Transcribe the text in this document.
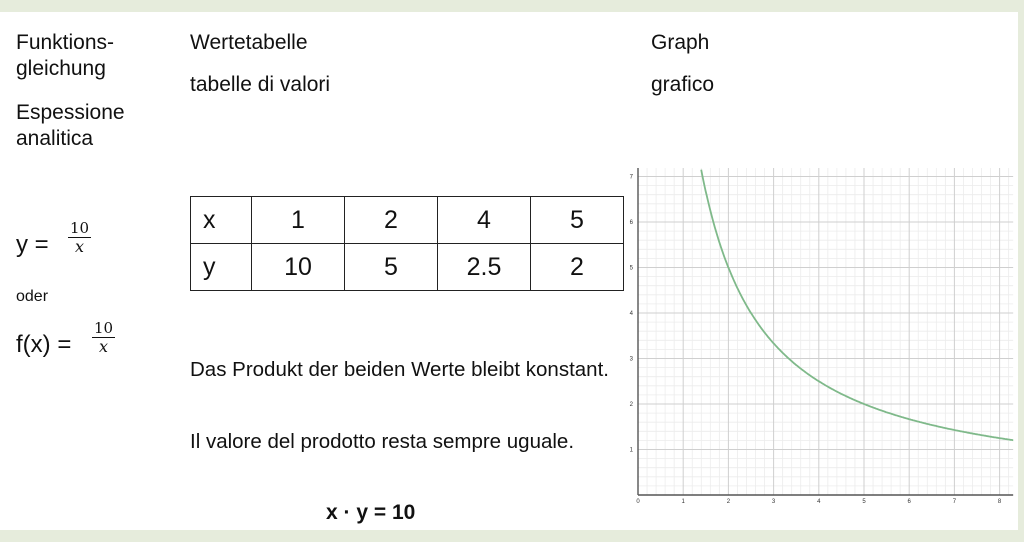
Funktions-
gleichung
Espessione
analitica
y =
10
x
oder
f(x) =
10
x
Wertetabelle
tabelle di valori
x	1	2	4	5
y	10	5	2.5	2
Das Produkt der beiden Werte bleibt konstant.
Il valore del prodotto resta sempre uguale.
x · y = 10
Graph
grafico
0	1	2	3	4	5	6	7	8
1
2
3
4
5
6
7
